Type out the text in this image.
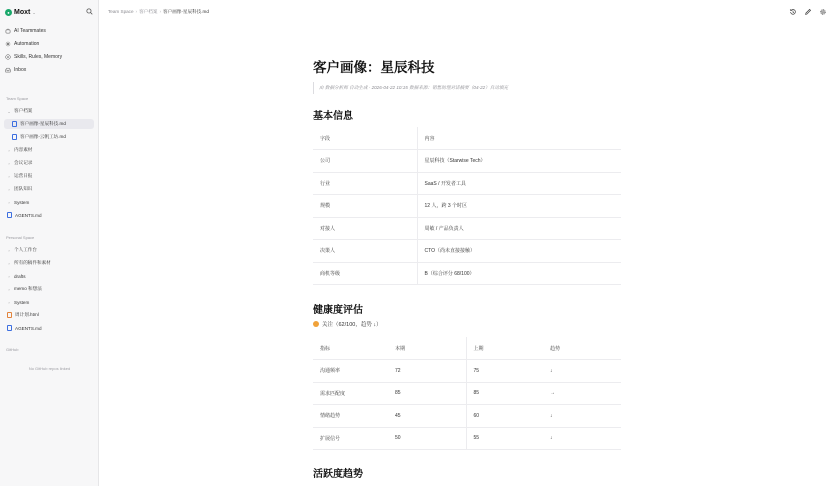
● Moxt ⌄
AI Teammates
Automation
Skills, Rules, Memory
Inbox
Team Space
⌄ 客户档案
客户画像-星辰科技.md
客户画像-云帆工坊.md
› 内容素材
› 会议记录
› 运营日报
› 团队知识
› System
AGENTS.md
Personal Space
› 个人工作台
› 所有的稿件和素材
› drafts
› memo 和想法
› System
周计划.html
AGENTS.md
GitHub
No GitHub repos linked
Team Space › 客户档案 › 客户画像-星辰科技.md
客户画像：星辰科技
由 数据分析师 自动生成 · 2026-04-22 10:15 数据来源：销售助理对话摘要（04-22）自动填充
基本信息
字段	内容
公司	星辰科技（Starwise Tech）
行业	SaaS / 开发者工具
规模	12 人，跨 3 个时区
对接人	周敏 / 产品负责人
决策人	CTO（尚未直接接触）
商机等级	B（综合评分 68/100）
健康度评估
关注（62/100，趋势 ↓）
指标	本期	上期	趋势
沟通频率	72	75	↓
需求匹配度	85	85	→
情绪趋势	45	60	↓
扩展信号	50	55	↓
活跃度趋势
